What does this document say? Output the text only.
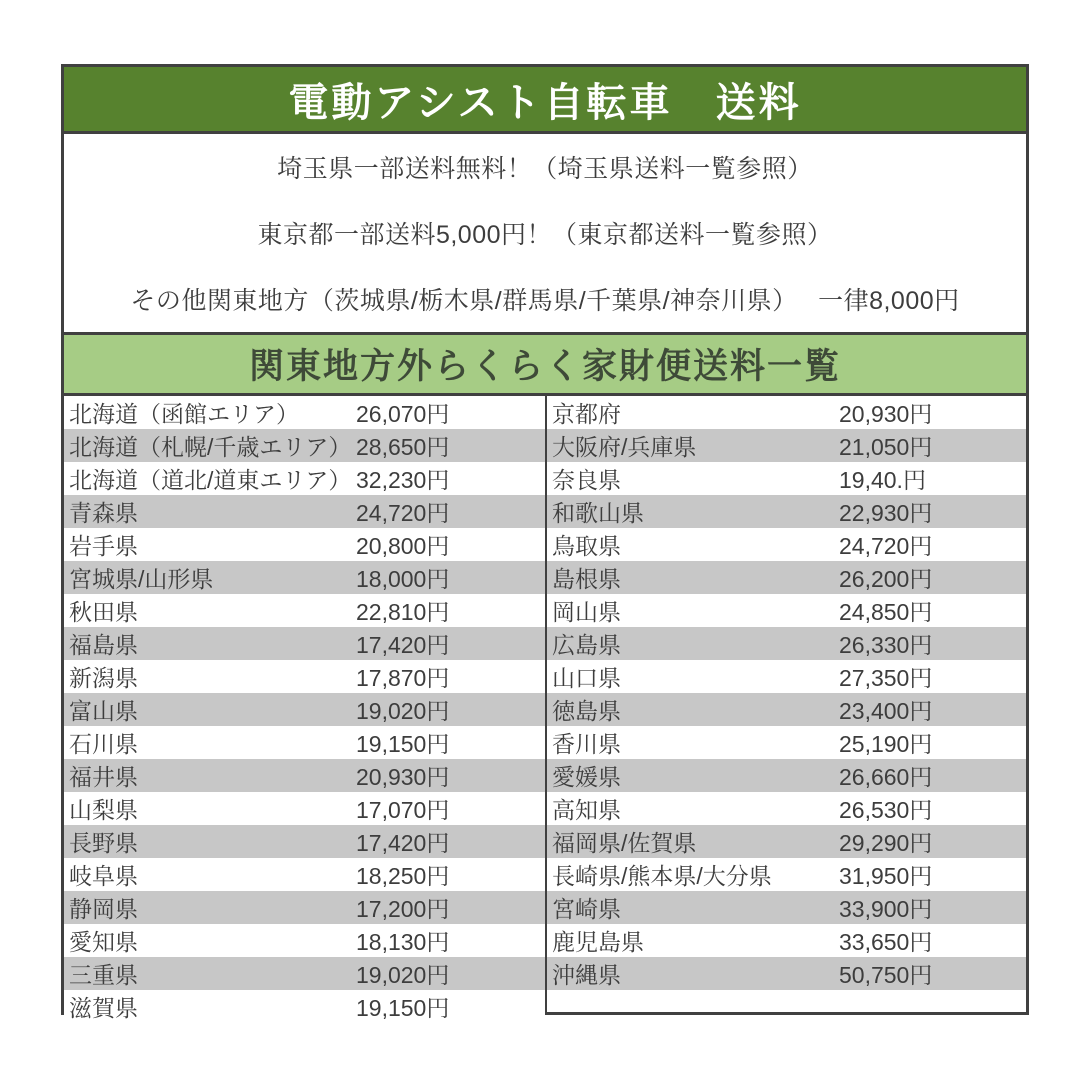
電動アシスト自転車　送料
埼玉県一部送料無料！（埼玉県送料一覧参照）
東京都一部送料5,000円！（東京都送料一覧参照）
その他関東地方（茨城県/栃木県/群馬県/千葉県/神奈川県）　 一律8,000円
関東地方外らくらく家財便送料一覧
北海道（函館エリア）	26,070円
北海道（札幌/千歳エリア） 28,650円
北海道（道北/道東エリア） 32,230円
青森県	24,720円
岩手県	20,800円
宮城県/山形県	18,000円
秋田県	22,810円
福島県	17,420円
新潟県	17,870円
富山県	19,020円
石川県	19,150円
福井県	20,930円
山梨県	17,070円
長野県	17,420円
岐阜県	18,250円
静岡県	17,200円
愛知県	18,130円
三重県	19,020円
滋賀県	19,150円
京都府	20,930円
大阪府/兵庫県	21,050円
奈良県	19,40.円
和歌山県	22,930円
鳥取県	24,720円
島根県	26,200円
岡山県	24,850円
広島県	26,330円
山口県	27,350円
徳島県	23,400円
香川県	25,190円
愛媛県	26,660円
高知県	26,530円
福岡県/佐賀県	29,290円
長崎県/熊本県/大分県	31,950円
宮崎県	33,900円
鹿児島県	33,650円
沖縄県	50,750円
